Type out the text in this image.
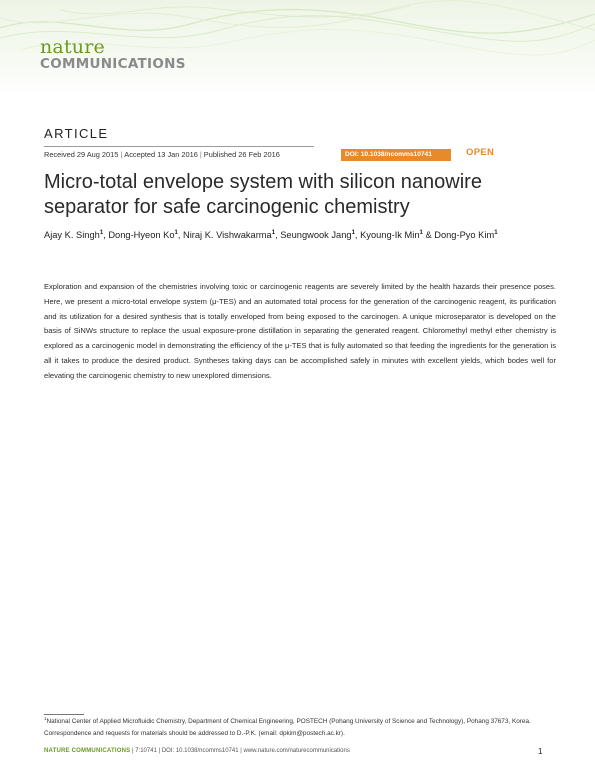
nature
COMMUNICATIONS
ARTICLE
Received 29 Aug 2015 | Accepted 13 Jan 2016 | Published 26 Feb 2016	DOI: 10.1038/ncomms10741	OPEN
Micro-total envelope system with silicon nanowire separator for safe carcinogenic chemistry
Ajay K. Singh$^1$, Dong-Hyeon Ko$^1$, Niraj K. Vishwakarma$^1$, Seungwook Jang$^1$, Kyoung-Ik Min$^1$ & Dong-Pyo Kim$^1$

Exploration and expansion of the chemistries involving toxic or carcinogenic reagents are severely limited by the health hazards their presence poses. Here, we present a micro-total envelope system (μ-TES) and an automated total process for the generation of the carcinogenic reagent, its purification and its utilization for a desired synthesis that is totally enveloped from being exposed to the carcinogen. A unique microseparator is developed on the basis of SiNWs structure to replace the usual exposure-prone distillation in separating the generated reagent. Chloromethyl methyl ether chemistry is explored as a carcinogenic model in demonstrating the efficiency of the μ-TES that is fully automated so that feeding the ingredients for the generation is all it takes to produce the desired product. Syntheses taking days can be accomplished safely in minutes with excellent yields, which bodes well for elevating the carcinogenic chemistry to new unexplored dimensions.

$^1$National Center of Applied Microfluidic Chemistry, Department of Chemical Engineering, POSTECH (Pohang University of Science and Technology), Pohang 37673, Korea. Correspondence and requests for materials should be addressed to D.-P.K. (email: dpkim@postech.ac.kr).

NATURE COMMUNICATIONS | 7:10741 | DOI: 10.1038/ncomms10741 | www.nature.com/naturecommunications	1
